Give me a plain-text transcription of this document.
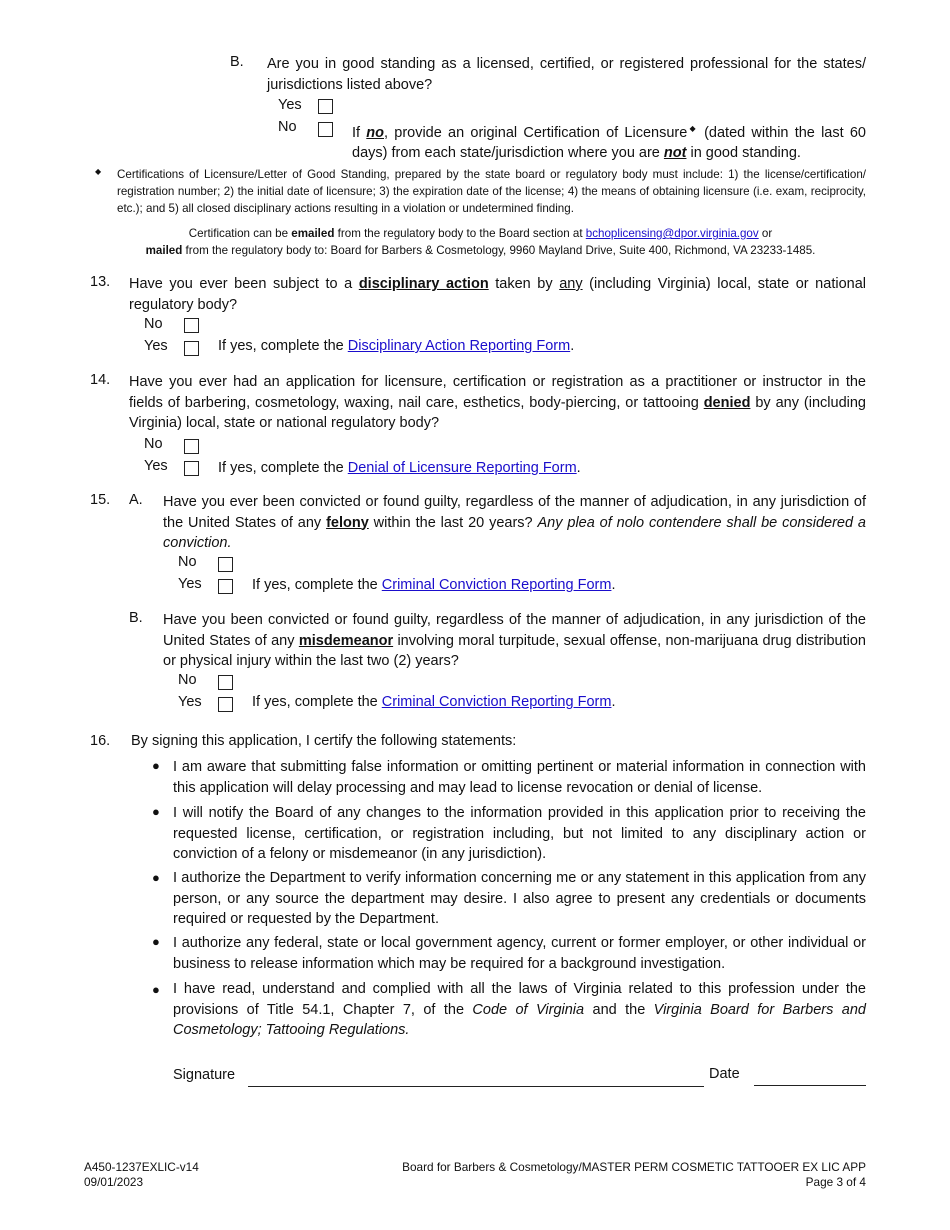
B. Are you in good standing as a licensed, certified, or registered professional for the states/ jurisdictions listed above?
Yes
No	If no, provide an original Certification of Licensure◆ (dated within the last 60 days) from each state/jurisdiction where you are not in good standing.
◆ Certifications of Licensure/Letter of Good Standing, prepared by the state board or regulatory body must include: 1) the license/certification/ registration number; 2) the initial date of licensure; 3) the expiration date of the license; 4) the means of obtaining licensure (i.e. exam, reciprocity, etc.); and 5) all closed disciplinary actions resulting in a violation or undetermined finding.
Certification can be emailed from the regulatory body to the Board section at bchoplicensing@dpor.virginia.gov or
mailed from the regulatory body to: Board for Barbers & Cosmetology, 9960 Mayland Drive, Suite 400, Richmond, VA 23233-1485.
13. Have you ever been subject to a disciplinary action taken by any (including Virginia) local, state or national regulatory body?
No
Yes	If yes, complete the Disciplinary Action Reporting Form.
14. Have you ever had an application for licensure, certification or registration as a practitioner or instructor in the fields of barbering, cosmetology, waxing, nail care, esthetics, body-piercing, or tattooing denied by any (including Virginia) local, state or national regulatory body?
No
Yes	If yes, complete the Denial of Licensure Reporting Form.
15. A. Have you ever been convicted or found guilty, regardless of the manner of adjudication, in any jurisdiction of the United States of any felony within the last 20 years? Any plea of nolo contendere shall be considered a conviction.
No
Yes	If yes, complete the Criminal Conviction Reporting Form.
B. Have you been convicted or found guilty, regardless of the manner of adjudication, in any jurisdiction of the United States of any misdemeanor involving moral turpitude, sexual offense, non-marijuana drug distribution or physical injury within the last two (2) years?
No
Yes	If yes, complete the Criminal Conviction Reporting Form.
16. By signing this application, I certify the following statements:
● I am aware that submitting false information or omitting pertinent or material information in connection with this application will delay processing and may lead to license revocation or denial of license.
● I will notify the Board of any changes to the information provided in this application prior to receiving the requested license, certification, or registration including, but not limited to any disciplinary action or conviction of a felony or misdemeanor (in any jurisdiction).
● I authorize the Department to verify information concerning me or any statement in this application from any person, or any source the department may desire. I also agree to present any credentials or documents required or requested by the Department.
● I authorize any federal, state or local government agency, current or former employer, or other individual or business to release information which may be required for a background investigation.
● I have read, understand and complied with all the laws of Virginia related to this profession under the provisions of Title 54.1, Chapter 7, of the Code of Virginia and the Virginia Board for Barbers and Cosmetology; Tattooing Regulations.
Signature	Date
A450-1237EXLIC-v14
09/01/2023
Board for Barbers & Cosmetology/MASTER PERM COSMETIC TATTOOER EX LIC APP
Page 3 of 4
